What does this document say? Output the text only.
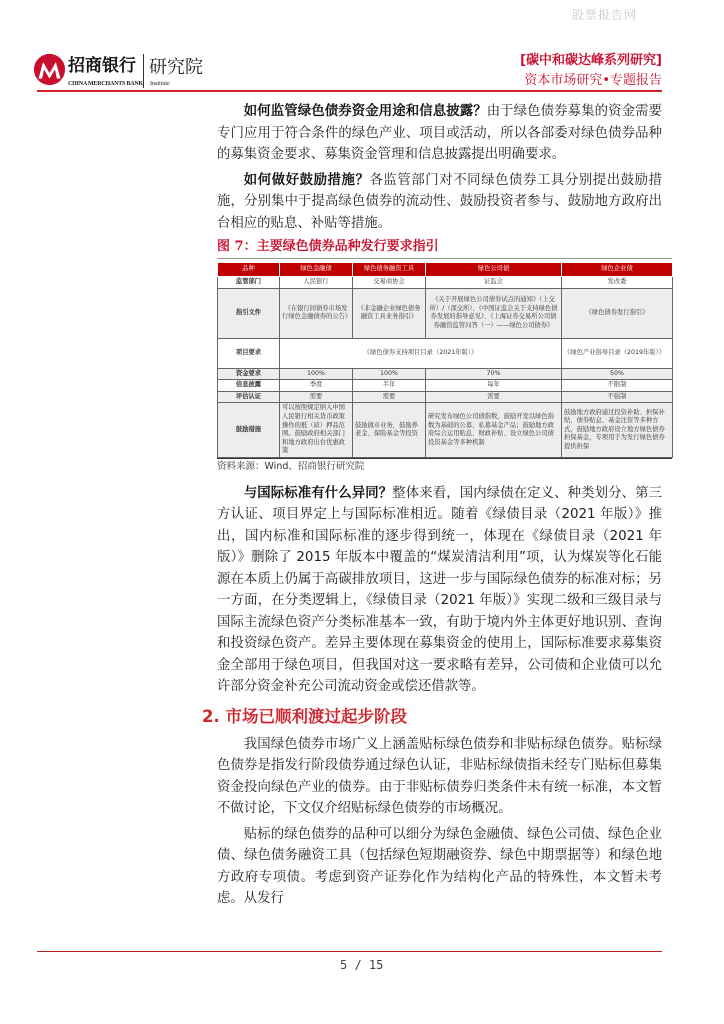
股票报告网
招商银行
CHINA MERCHANTS BANK
研究院
Institute
[碳中和碳达峰系列研究]
资本市场研究•专题报告

如何监管绿色债券资金用途和信息披露？由于绿色债券募集的资金需要专门应用于符合条件的绿色产业、项目或活动，所以各部委对绿色债券品种的募集资金要求、募集资金管理和信息披露提出明确要求。

如何做好鼓励措施？各监管部门对不同绿色债券工具分别提出鼓励措施，分别集中于提高绿色债券的流动性、鼓励投资者参与、鼓励地方政府出台相应的贴息、补贴等措施。

图 7：主要绿色债券品种发行要求指引
品种	绿色金融债	绿色债务融资工具	绿色公司债	绿色企业债
监管部门	人民银行	交易商协会	证监会	发改委
指引文件	《在银行间债券市场发行绿色金融债券的公告》	《非金融企业绿色债务融资工具业务指引》	《关于开展绿色公司债券试点的通知》（上交所）/（深交所）、《中国证监会关于支持绿色债券发展的指导意见》、《上海证券交易所公司债券融资监管问答（一）——绿色公司债券》	《绿色债券发行指引》
项目要求	《绿色债券支持项目目录（2021年版）》			《绿色产业指导目录（2019年版）》
资金要求	100%	100%	70%	50%
信息披露	季度	半年	每年	不限制
评估认证	需要	需要	需要	不强制
鼓励措施	可以按照规定纳入中国人民银行相关货币政策操作的抵（质）押品范围。鼓励政府相关部门和地方政府出台优惠政策	鼓励做市业务，鼓励养老金、保险基金等投资	研究发布绿色公司债指数，鼓励开发以绿色指数为基础的公募、私募基金产品；鼓励地方政府综合运用贴息、财政补贴、设立绿色公司债投资基金等多种机制	鼓励地方政府通过投资补助、担保补贴、债券贴息、基金注资等多种方式，鼓励地方政府设立地方绿色债券担保基金，专项用于为发行绿色债券提供担保
资料来源：Wind、招商银行研究院

与国际标准有什么异同？整体来看，国内绿债在定义、种类划分、第三方认证、项目界定上与国际标准相近。随着《绿债目录（2021 年版）》推出，国内标准和国际标准的逐步得到统一，体现在《绿债目录（2021 年版）》删除了 2015 年版本中覆盖的“煤炭清洁利用”项，认为煤炭等化石能源在本质上仍属于高碳排放项目，这进一步与国际绿色债券的标准对标；另一方面，在分类逻辑上，《绿债目录（2021 年版）》实现二级和三级目录与国际主流绿色资产分类标准基本一致，有助于境内外主体更好地识别、查询和投资绿色资产。差异主要体现在募集资金的使用上，国际标准要求募集资金全部用于绿色项目，但我国对这一要求略有差异，公司债和企业债可以允许部分资金补充公司流动资金或偿还借款等。

2. 市场已顺利渡过起步阶段

我国绿色债券市场广义上涵盖贴标绿色债券和非贴标绿色债券。贴标绿色债券是指发行阶段债券通过绿色认证，非贴标绿债指未经专门贴标但募集资金投向绿色产业的债券。由于非贴标债券归类条件未有统一标准，本文暂不做讨论，下文仅介绍贴标绿色债券的市场概况。

贴标的绿色债券的品种可以细分为绿色金融债、绿色公司债、绿色企业债、绿色债务融资工具（包括绿色短期融资券、绿色中期票据等）和绿色地方政府专项债。考虑到资产证券化作为结构化产品的特殊性，本文暂未考虑。从发行

5 / 15
